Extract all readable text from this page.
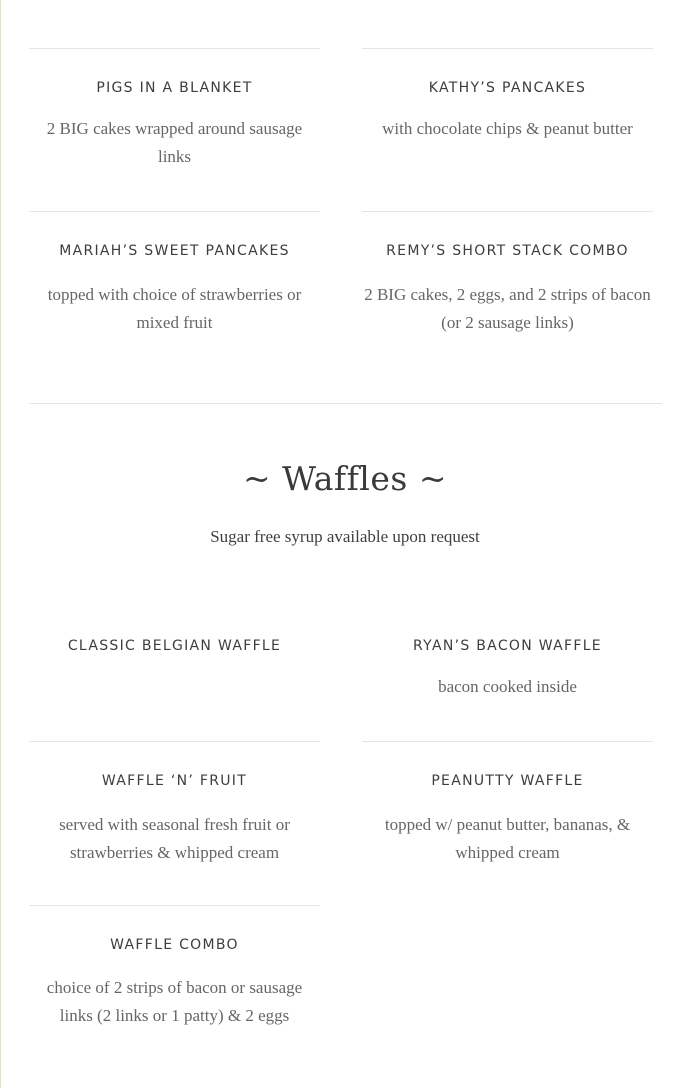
PIGS IN A BLANKET

2 BIG cakes wrapped around sausage links

KATHY’S PANCAKES

with chocolate chips & peanut butter

MARIAH’S SWEET PANCAKES

topped with choice of strawberries or mixed fruit

REMY’S SHORT STACK COMBO

2 BIG cakes, 2 eggs, and 2 strips of bacon (or 2 sausage links)

~ Waffles ~
Sugar free syrup available upon request

CLASSIC BELGIAN WAFFLE	RYAN’S BACON WAFFLE

bacon cooked inside

WAFFLE ‘N’ FRUIT

served with seasonal fresh fruit or strawberries & whipped cream

PEANUTTY WAFFLE

topped w/ peanut butter, bananas, & whipped cream

WAFFLE COMBO

choice of 2 strips of bacon or sausage links (2 links or 1 patty) & 2 eggs
